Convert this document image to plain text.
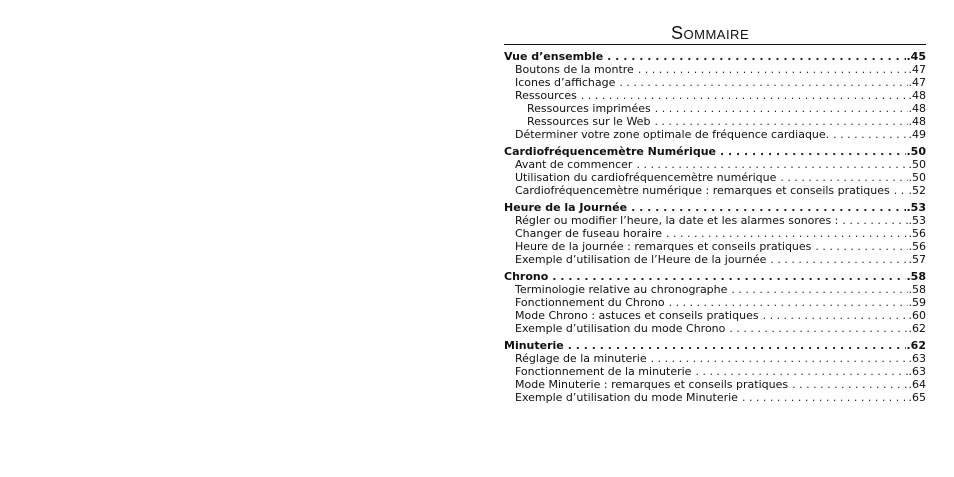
Sommaire
Vue d’ensemble . . .	.45
Boutons de la montre . . .	.47
Icones d’affichage . . .	.47
Ressources . . .	.48
Ressources imprimées . . .	.48
Ressources sur le Web . . .	.48
Déterminer votre zone optimale de fréquence cardiaque. . . .	.49
Cardiofréquencemètre Numérique . . .	.50
Avant de commencer . . .	.50
Utilisation du cardiofréquencemètre numérique . . .	.50
Cardiofréquencemètre numérique : remarques et conseils pratiques . . . .52
Heure de la Journée . . .	.53
Régler ou modifier l’heure, la date et les alarmes sonores : . . .	.53
Changer de fuseau horaire . . .	.56
Heure de la journée : remarques et conseils pratiques . . .	.56
Exemple d’utilisation de l’Heure de la journée . . .	.57
Chrono . . .	.58
Terminologie relative au chronographe . . .	.58
Fonctionnement du Chrono . . .	.59
Mode Chrono : astuces et conseils pratiques . . .	.60
Exemple d’utilisation du mode Chrono . . .	.62
Minuterie . . .	.62
Réglage de la minuterie . . .	.63
Fonctionnement de la minuterie . . .	.63
Mode Minuterie : remarques et conseils pratiques . . .	.64
Exemple d’utilisation du mode Minuterie . . .	.65
